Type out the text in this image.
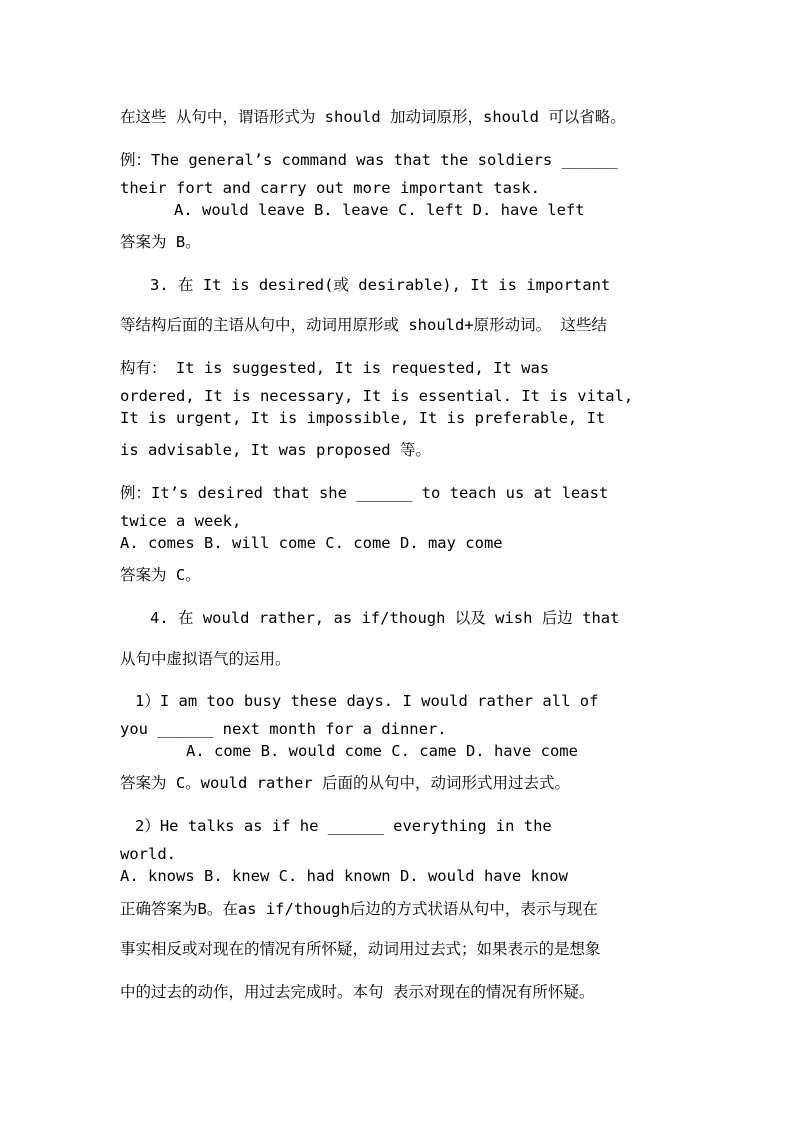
在这些 从句中，谓语形式为 should 加动词原形，should 可以省略。
例：The general’s command was that the soldiers ______
their fort and carry out more important task.
A. would leave B. leave C. left D. have left
答案为 B。
3. 在 It is desired(或 desirable), It is important
等结构后面的主语从句中，动词用原形或 should+原形动词。 这些结
构有： It is suggested, It is requested, It was
ordered, It is necessary, It is essential. It is vital,
It is urgent, It is impossible, It is preferable, It
is advisable, It was proposed 等。
例：It’s desired that she ______ to teach us at least
twice a week,
A. comes B. will come C. come D. may come
答案为 C。
4. 在 would rather, as if/though 以及 wish 后边 that
从句中虚拟语气的运用。
1）I am too busy these days. I would rather all of
you ______ next month for a dinner.
A. come B. would come C. came D. have come
答案为 C。would rather 后面的从句中，动词形式用过去式。
2）He talks as if he ______ everything in the
world.
A. knows B. knew C. had known D. would have know
正确答案为B。在as if/though后边的方式状语从句中，表示与现在
事实相反或对现在的情况有所怀疑，动词用过去式；如果表示的是想象
中的过去的动作，用过去完成时。本句 表示对现在的情况有所怀疑。
